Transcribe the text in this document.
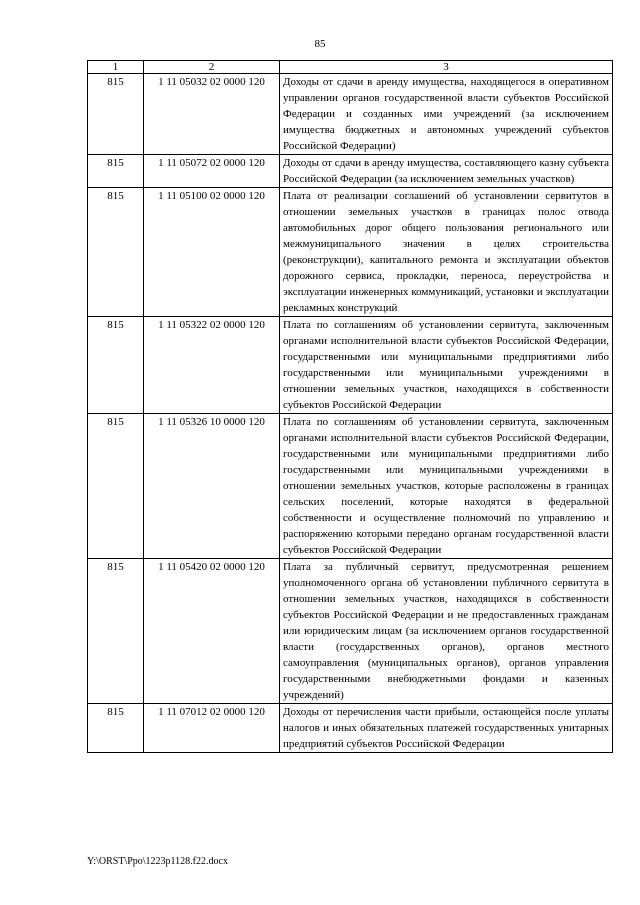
85
1	2	3
815	1 11 05032 02 0000 120	Доходы от сдачи в аренду имущества, находящегося в оперативном управлении органов государственной власти субъектов Российской Федерации и созданных ими учреждений (за исключением имущества бюджетных и автономных учреждений субъектов Российской Федерации)
815	1 11 05072 02 0000 120	Доходы от сдачи в аренду имущества, составляющего казну субъекта Российской Федерации (за исключением земельных участков)
815	1 11 05100 02 0000 120	Плата от реализации соглашений об установлении сервитутов в отношении земельных участков в границах полос отвода автомобильных дорог общего пользования регионального или межмуниципального значения в целях строительства (реконструкции), капитального ремонта и эксплуатации объектов дорожного сервиса, прокладки, переноса, переустройства и эксплуатации инженерных коммуникаций, установки и эксплуатации рекламных конструкций
815	1 11 05322 02 0000 120	Плата по соглашениям об установлении сервитута, заключенным органами исполнительной власти субъектов Российской Федерации, государственными или муниципальными предприятиями либо государственными или муниципальными учреждениями в отношении земельных участков, находящихся в собственности субъектов Российской Федерации
815	1 11 05326 10 0000 120	Плата по соглашениям об установлении сервитута, заключенным органами исполнительной власти субъектов Российской Федерации, государственными или муниципальными предприятиями либо государственными или муниципальными учреждениями в отношении земельных участков, которые расположены в границах сельских поселений, которые находятся в федеральной собственности и осуществление полномочий по управлению и распоряжению которыми передано органам государственной власти субъектов Российской Федерации
815	1 11 05420 02 0000 120	Плата за публичный сервитут, предусмотренная решением уполномоченного органа об установлении публичного сервитута в отношении земельных участков, находящихся в собственности субъектов Российской Федерации и не предоставленных гражданам или юридическим лицам (за исключением органов государственной власти (государственных органов), органов местного самоуправления (муниципальных органов), органов управления государственными внебюджетными фондами и казенных учреждений)
815	1 11 07012 02 0000 120	Доходы от перечисления части прибыли, остающейся после уплаты налогов и иных обязательных платежей государственных унитарных предприятий субъектов Российской Федерации
Y:\ORST\Ppo\1223p1128.f22.docx
